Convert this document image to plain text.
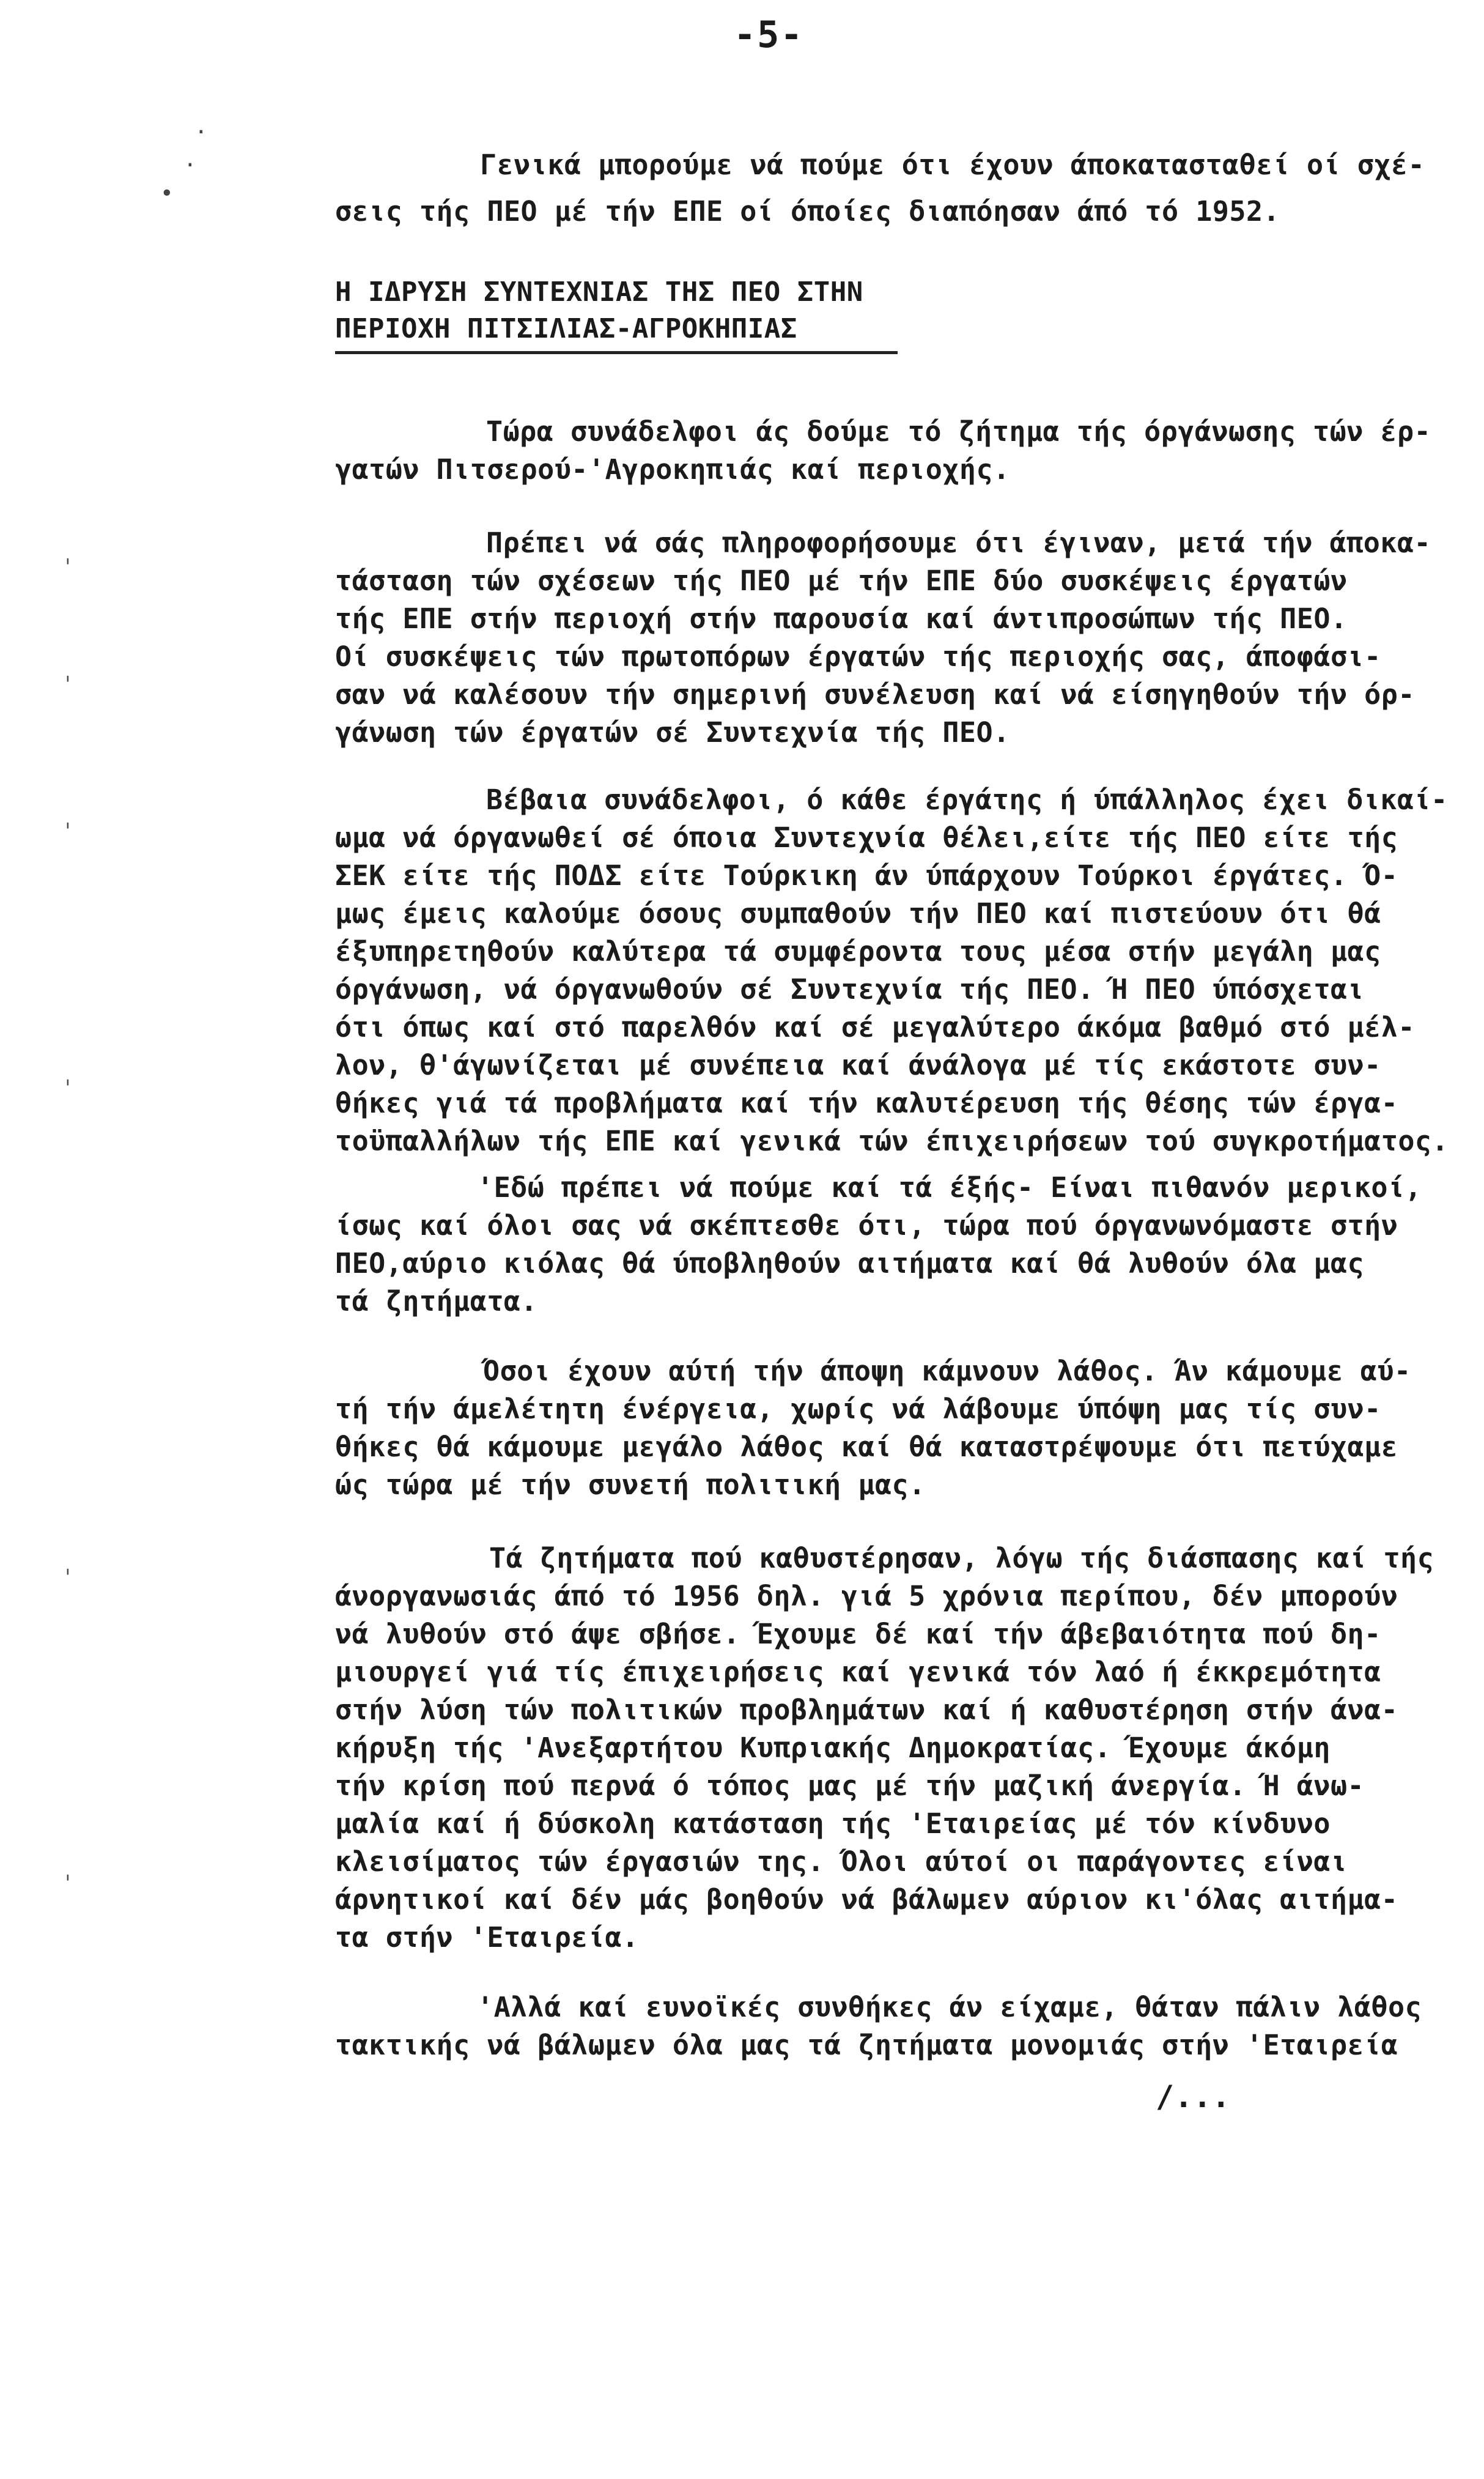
-5-
Γενικά μπορούμε νά πούμε ότι έχουν άποκατασταθεί οί σχέ-
σεις τής ΠΕΟ μέ τήν ΕΠΕ οί όποίες διαπόησαν άπό τό 1952.
Η ΙΔΡΥΣΗ ΣΥΝΤΕΧΝΙΑΣ ΤΗΣ ΠΕΟ ΣΤΗΝ
ΠΕΡΙΟΧΗ ΠΙΤΣΙΛΙΑΣ-ΑΓΡΟΚΗΠΙΑΣ
Τώρα συνάδελφοι άς δούμε τό ζήτημα τής όργάνωσης τών έρ-
γατών Πιτσερού-'Αγροκηπιάς καί περιοχής.
Πρέπει νά σάς πληροφορήσουμε ότι έγιναν, μετά τήν άποκα-
τάσταση τών σχέσεων τής ΠΕΟ μέ τήν ΕΠΕ δύο συσκέψεις έργατών
τής ΕΠΕ στήν περιοχή στήν παρουσία καί άντιπροσώπων τής ΠΕΟ.
Οί συσκέψεις τών πρωτοπόρων έργατών τής περιοχής σας, άποφάσι-
σαν νά καλέσουν τήν σημερινή συνέλευση καί νά είσηγηθούν τήν όρ-
γάνωση τών έργατών σέ Συντεχνία τής ΠΕΟ.
Βέβαια συνάδελφοι, ό κάθε έργάτης ή ύπάλληλος έχει δικαί-
ωμα νά όργανωθεί σέ όποια Συντεχνία θέλει,είτε τής ΠΕΟ είτε τής
ΣΕΚ είτε τής ΠΟΔΣ είτε Τούρκικη άν ύπάρχουν Τούρκοι έργάτες. Ό-
μως έμεις καλούμε όσους συμπαθούν τήν ΠΕΟ καί πιστεύουν ότι θά
έξυπηρετηθούν καλύτερα τά συμφέροντα τους μέσα στήν μεγάλη μας
όργάνωση, νά όργανωθούν σέ Συντεχνία τής ΠΕΟ. Ή ΠΕΟ ύπόσχεται
ότι όπως καί στό παρελθόν καί σέ μεγαλύτερο άκόμα βαθμό στό μέλ-
λον, θ'άγωνίζεται μέ συνέπεια καί άνάλογα μέ τίς εκάστοτε συν-
θήκες γιά τά προβλήματα καί τήν καλυτέρευση τής θέσης τών έργα-
τοϋπαλλήλων τής ΕΠΕ καί γενικά τών έπιχειρήσεων τού συγκροτήματος.
'Εδώ πρέπει νά πούμε καί τά έξής- Είναι πιθανόν μερικοί,
ίσως καί όλοι σας νά σκέπτεσθε ότι, τώρα πού όργανωνόμαστε στήν
ΠΕΟ,αύριο κιόλας θά ύποβληθούν αιτήματα καί θά λυθούν όλα μας
τά ζητήματα.
Όσοι έχουν αύτή τήν άποψη κάμνουν λάθος. Άν κάμουμε αύ-
τή τήν άμελέτητη ένέργεια, χωρίς νά λάβουμε ύπόψη μας τίς συν-
θήκες θά κάμουμε μεγάλο λάθος καί θά καταστρέψουμε ότι πετύχαμε
ώς τώρα μέ τήν συνετή πολιτική μας.
Τά ζητήματα πού καθυστέρησαν, λόγω τής διάσπασης καί τής
άνοργανωσιάς άπό τό 1956 δηλ. γιά 5 χρόνια περίπου, δέν μπορούν
νά λυθούν στό άψε σβήσε. Έχουμε δέ καί τήν άβεβαιότητα πού δη-
μιουργεί γιά τίς έπιχειρήσεις καί γενικά τόν λαό ή έκκρεμότητα
στήν λύση τών πολιτικών προβλημάτων καί ή καθυστέρηση στήν άνα-
κήρυξη τής 'Ανεξαρτήτου Κυπριακής Δημοκρατίας. Έχουμε άκόμη
τήν κρίση πού περνά ό τόπος μας μέ τήν μαζική άνεργία. Ή άνω-
μαλία καί ή δύσκολη κατάσταση τής 'Εταιρείας μέ τόν κίνδυνο
κλεισίματος τών έργασιών της. Όλοι αύτοί οι παράγοντες είναι
άρνητικοί καί δέν μάς βοηθούν νά βάλωμεν αύριον κι'όλας αιτήμα-
τα στήν 'Εταιρεία.
'Αλλά καί ευνοϊκές συνθήκες άν είχαμε, θάταν πάλιν λάθος
τακτικής νά βάλωμεν όλα μας τά ζητήματα μονομιάς στήν 'Εταιρεία
/...
·
·
•
ˈ
ˈ
ˈ
ˈ
ˈ
ˈ
